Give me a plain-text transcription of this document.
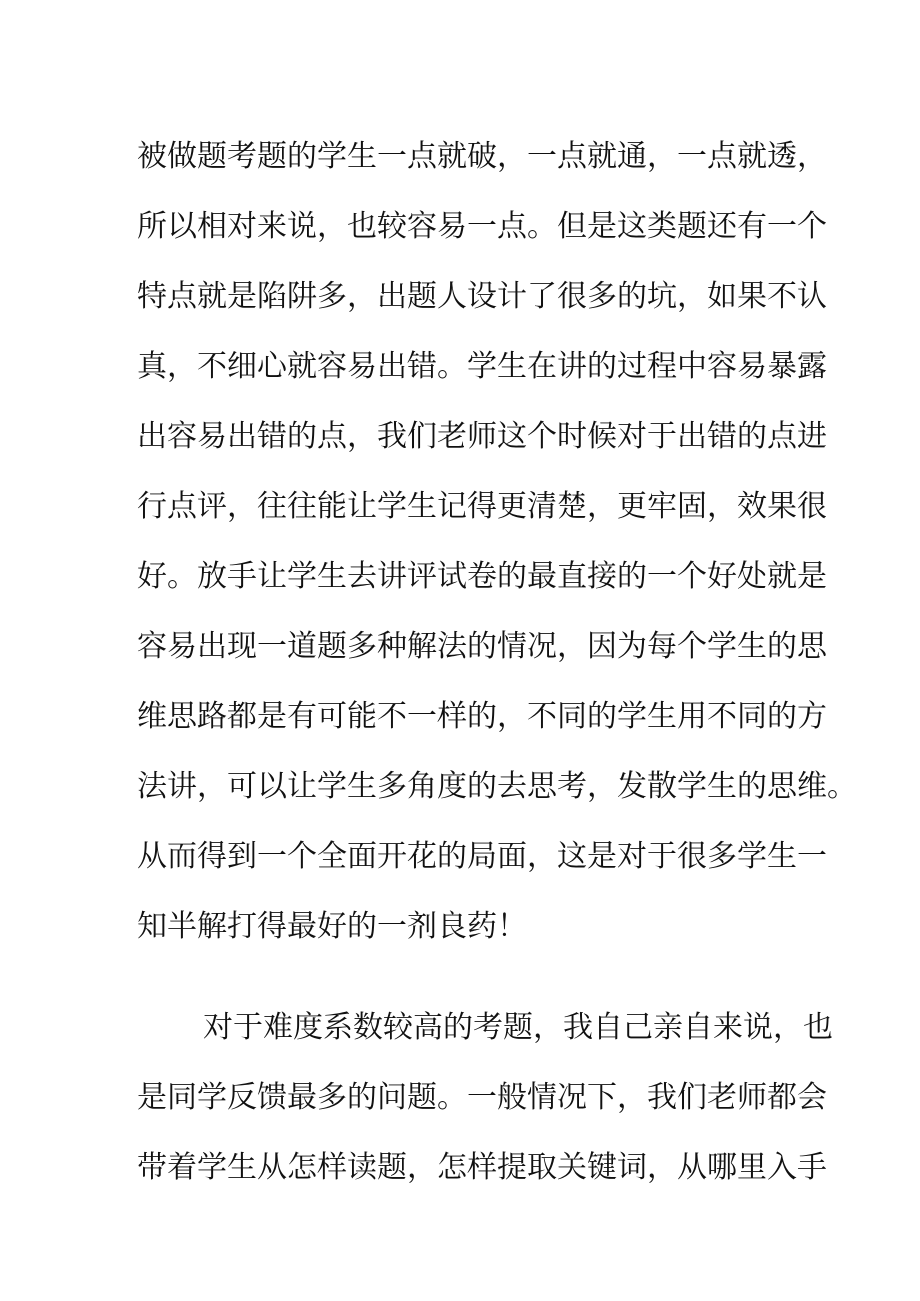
被做题考题的学生一点就破，一点就通，一点就透，
所以相对来说，也较容易一点。但是这类题还有一个
特点就是陷阱多，出题人设计了很多的坑，如果不认
真，不细心就容易出错。学生在讲的过程中容易暴露
出容易出错的点，我们老师这个时候对于出错的点进
行点评，往往能让学生记得更清楚，更牢固，效果很
好。放手让学生去讲评试卷的最直接的一个好处就是
容易出现一道题多种解法的情况，因为每个学生的思
维思路都是有可能不一样的，不同的学生用不同的方
法讲，可以让学生多角度的去思考，发散学生的思维。
从而得到一个全面开花的局面，这是对于很多学生一
知半解打得最好的一剂良药！
对于难度系数较高的考题，我自己亲自来说，也
是同学反馈最多的问题。一般情况下，我们老师都会
带着学生从怎样读题，怎样提取关键词，从哪里入手
